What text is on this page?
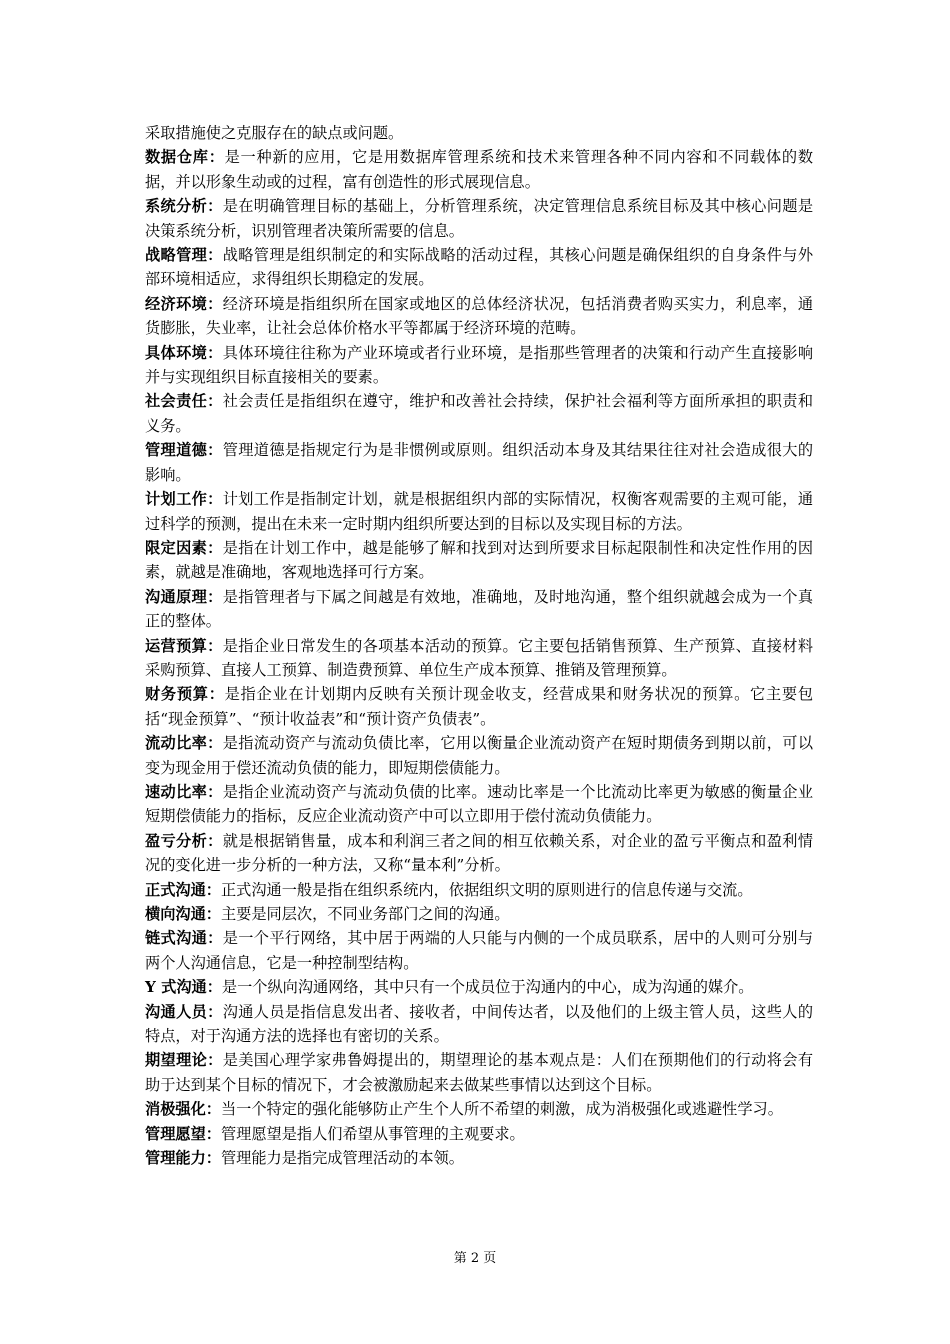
采取措施使之克服存在的缺点或问题。

数据仓库：是一种新的应用，它是用数据库管理系统和技术来管理各种不同内容和不同载体的数据，并以形象生动或的过程，富有创造性的形式展现信息。

系统分析：是在明确管理目标的基础上，分析管理系统，决定管理信息系统目标及其中核心问题是决策系统分析，识别管理者决策所需要的信息。

战略管理：战略管理是组织制定的和实际战略的活动过程，其核心问题是确保组织的自身条件与外部环境相适应，求得组织长期稳定的发展。

经济环境：经济环境是指组织所在国家或地区的总体经济状况，包括消费者购买实力，利息率，通货膨胀，失业率，让社会总体价格水平等都属于经济环境的范畴。

具体环境：具体环境往往称为产业环境或者行业环境，是指那些管理者的决策和行动产生直接影响并与实现组织目标直接相关的要素。

社会责任：社会责任是指组织在遵守，维护和改善社会持续，保护社会福利等方面所承担的职责和义务。

管理道德：管理道德是指规定行为是非惯例或原则。组织活动本身及其结果往往对社会造成很大的影响。

计划工作：计划工作是指制定计划，就是根据组织内部的实际情况，权衡客观需要的主观可能，通过科学的预测，提出在未来一定时期内组织所要达到的目标以及实现目标的方法。

限定因素：是指在计划工作中，越是能够了解和找到对达到所要求目标起限制性和决定性作用的因素，就越是准确地，客观地选择可行方案。

沟通原理：是指管理者与下属之间越是有效地，准确地，及时地沟通，整个组织就越会成为一个真正的整体。

运营预算：是指企业日常发生的各项基本活动的预算。它主要包括销售预算、生产预算、直接材料采购预算、直接人工预算、制造费预算、单位生产成本预算、推销及管理预算。

财务预算：是指企业在计划期内反映有关预计现金收支，经营成果和财务状况的预算。它主要包括“现金预算”、“预计收益表”和“预计资产负债表”。

流动比率：是指流动资产与流动负债比率，它用以衡量企业流动资产在短时期债务到期以前，可以变为现金用于偿还流动负债的能力，即短期偿债能力。

速动比率：是指企业流动资产与流动负债的比率。速动比率是一个比流动比率更为敏感的衡量企业短期偿债能力的指标，反应企业流动资产中可以立即用于偿付流动负债能力。

盈亏分析：就是根据销售量，成本和利润三者之间的相互依赖关系，对企业的盈亏平衡点和盈利情况的变化进一步分析的一种方法，又称“量本利”分析。

正式沟通：正式沟通一般是指在组织系统内，依据组织文明的原则进行的信息传递与交流。

横向沟通：主要是同层次，不同业务部门之间的沟通。

链式沟通：是一个平行网络，其中居于两端的人只能与内侧的一个成员联系，居中的人则可分别与两个人沟通信息，它是一种控制型结构。

Y 式沟通：是一个纵向沟通网络，其中只有一个成员位于沟通内的中心，成为沟通的媒介。

沟通人员：沟通人员是指信息发出者、接收者，中间传达者，以及他们的上级主管人员，这些人的特点，对于沟通方法的选择也有密切的关系。

期望理论：是美国心理学家弗鲁姆提出的，期望理论的基本观点是：人们在预期他们的行动将会有助于达到某个目标的情况下，才会被激励起来去做某些事情以达到这个目标。

消极强化：当一个特定的强化能够防止产生个人所不希望的刺激，成为消极强化或逃避性学习。

管理愿望：管理愿望是指人们希望从事管理的主观要求。

管理能力：管理能力是指完成管理活动的本领。

第 2 页
